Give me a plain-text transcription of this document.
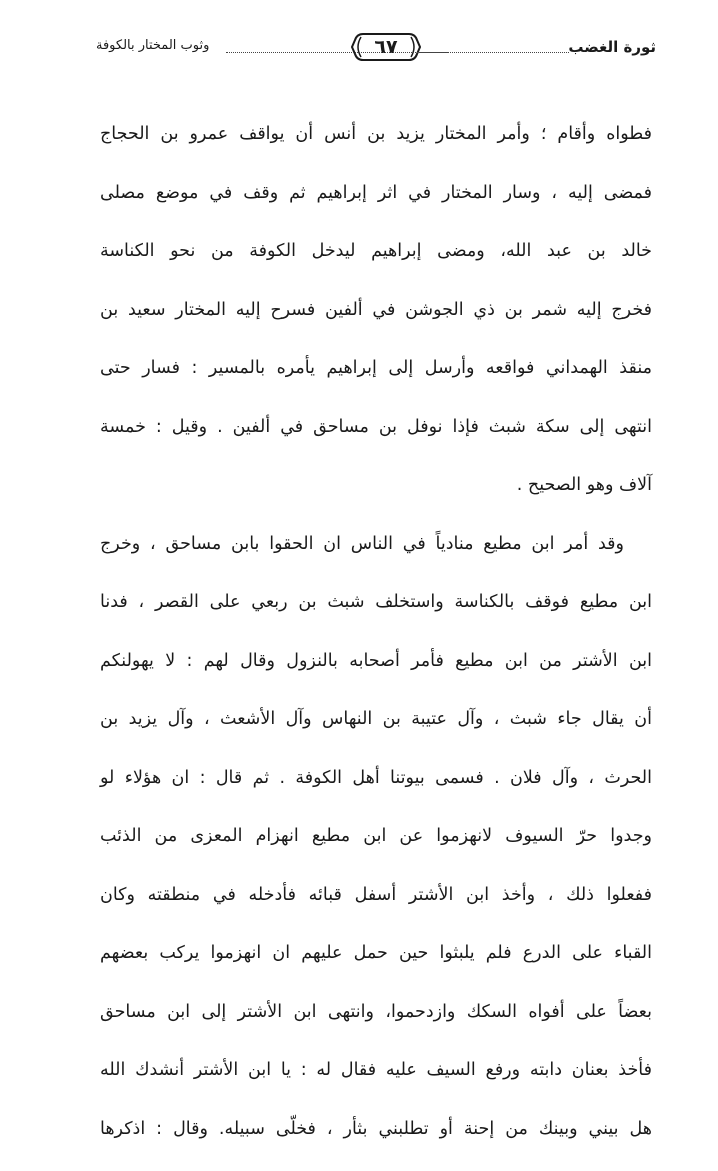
ثورة الغضب
٦٧
وثوب المختار بالكوفة
فطواه وأقام ؛ وأمر المختار يزيد بن أنس أن يواقف عمرو بن الحجاج
فمضى إليه ، وسار المختار في اثر إبراهيم ثم وقف في موضع مصلى
خالد بن عبد الله، ومضى إبراهيم ليدخل الكوفة من نحو الكناسة
فخرج إليه شمر بن ذي الجوشن في ألفين فسرح إليه المختار سعيد بن
منقذ الهمداني فواقعه وأرسل إلى إبراهيم يأمره بالمسير : فسار حتى
انتهى إلى سكة شبث فإذا نوفل بن مساحق في ألفين . وقيل : خمسة
آلاف وهو الصحيح .
وقد أمر ابن مطيع منادياً في الناس ان الحقوا بابن مساحق ، وخرج
ابن مطيع فوقف بالكناسة واستخلف شبث بن ربعي على القصر ، فدنا
ابن الأشتر من ابن مطيع فأمر أصحابه بالنزول وقال لهم : لا يهولنكم
أن يقال جاء شبث ، وآل عتيبة بن النهاس وآل الأشعث ، وآل يزيد بن
الحرث ، وآل فلان . فسمى بيوتنا أهل الكوفة . ثم قال : ان هؤلاء لو
وجدوا حرّ السيوف لانهزموا عن ابن مطيع انهزام المعزى من الذئب
ففعلوا ذلك ، وأخذ ابن الأشتر أسفل قبائه فأدخله في منطقته وكان
القباء على الدرع فلم يلبثوا حين حمل عليهم ان انهزموا يركب بعضهم
بعضاً على أفواه السكك وازدحموا، وانتهى ابن الأشتر إلى ابن مساحق
فأخذ بعنان دابته ورفع السيف عليه فقال له : يا ابن الأشتر أنشدك الله
هل بيني وبينك من إحنة أو تطلبني بثأر ، فخلّى سبيله. وقال : اذكرها
